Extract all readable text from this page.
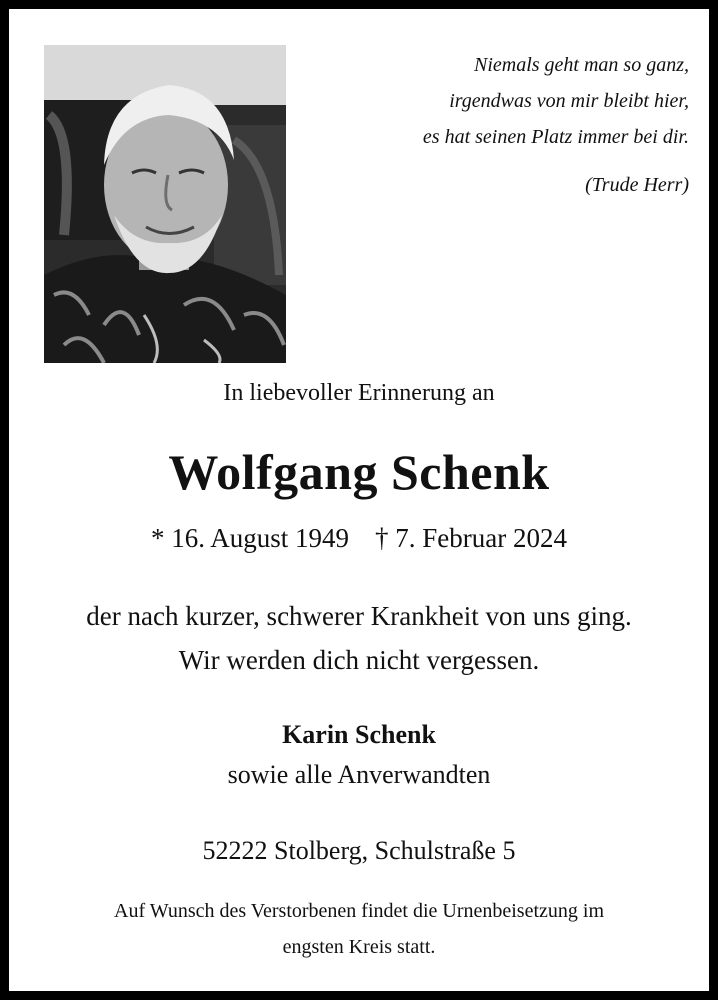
Niemals geht man so ganz,
irgendwas von mir bleibt hier,
es hat seinen Platz immer bei dir.
(Trude Herr)
In liebevoller Erinnerung an
Wolfgang Schenk
* 16. August 1949 † 7. Februar 2024
der nach kurzer, schwerer Krankheit von uns ging.
Wir werden dich nicht vergessen.
Karin Schenk
sowie alle Anverwandten
52222 Stolberg, Schulstraße 5
Auf Wunsch des Verstorbenen findet die Urnenbeisetzung im
engsten Kreis statt.
